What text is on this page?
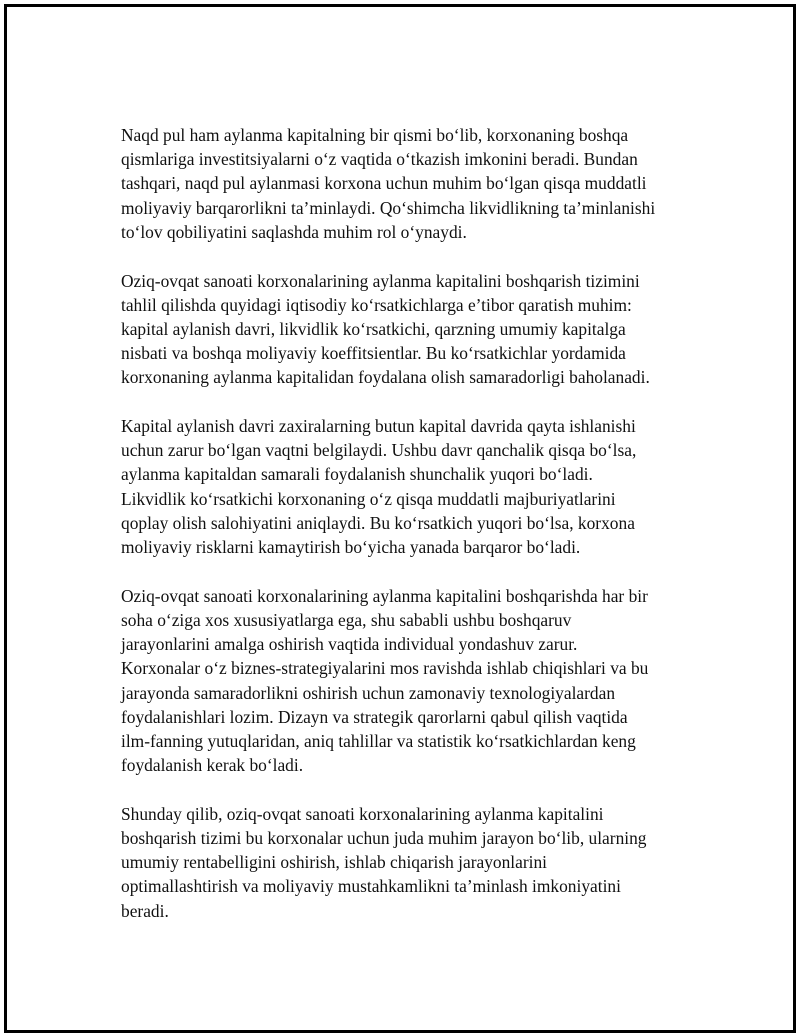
Naqd pul ham aylanma kapitalning bir qismi bo‘lib, korxonaning boshqa
qismlariga investitsiyalarni o‘z vaqtida o‘tkazish imkonini beradi. Bundan
tashqari, naqd pul aylanmasi korxona uchun muhim bo‘lgan qisqa muddatli
moliyaviy barqarorlikni ta’minlaydi. Qo‘shimcha likvidlikning ta’minlanishi
to‘lov qobiliyatini saqlashda muhim rol o‘ynaydi.

Oziq-ovqat sanoati korxonalarining aylanma kapitalini boshqarish tizimini
tahlil qilishda quyidagi iqtisodiy ko‘rsatkichlarga e’tibor qaratish muhim:
kapital aylanish davri, likvidlik ko‘rsatkichi, qarzning umumiy kapitalga
nisbati va boshqa moliyaviy koeffitsientlar. Bu ko‘rsatkichlar yordamida
korxonaning aylanma kapitalidan foydalana olish samaradorligi baholanadi.

Kapital aylanish davri zaxiralarning butun kapital davrida qayta ishlanishi
uchun zarur bo‘lgan vaqtni belgilaydi. Ushbu davr qanchalik qisqa bo‘lsa,
aylanma kapitaldan samarali foydalanish shunchalik yuqori bo‘ladi.
Likvidlik ko‘rsatkichi korxonaning o‘z qisqa muddatli majburiyatlarini
qoplay olish salohiyatini aniqlaydi. Bu ko‘rsatkich yuqori bo‘lsa, korxona
moliyaviy risklarni kamaytirish bo‘yicha yanada barqaror bo‘ladi.

Oziq-ovqat sanoati korxonalarining aylanma kapitalini boshqarishda har bir
soha o‘ziga xos xususiyatlarga ega, shu sababli ushbu boshqaruv
jarayonlarini amalga oshirish vaqtida individual yondashuv zarur.
Korxonalar o‘z biznes-strategiyalarini mos ravishda ishlab chiqishlari va bu
jarayonda samaradorlikni oshirish uchun zamonaviy texnologiyalardan
foydalanishlari lozim. Dizayn va strategik qarorlarni qabul qilish vaqtida
ilm-fanning yutuqlaridan, aniq tahlillar va statistik ko‘rsatkichlardan keng
foydalanish kerak bo‘ladi.

Shunday qilib, oziq-ovqat sanoati korxonalarining aylanma kapitalini
boshqarish tizimi bu korxonalar uchun juda muhim jarayon bo‘lib, ularning
umumiy rentabelligini oshirish, ishlab chiqarish jarayonlarini
optimallashtirish va moliyaviy mustahkamlikni ta’minlash imkoniyatini
beradi.
